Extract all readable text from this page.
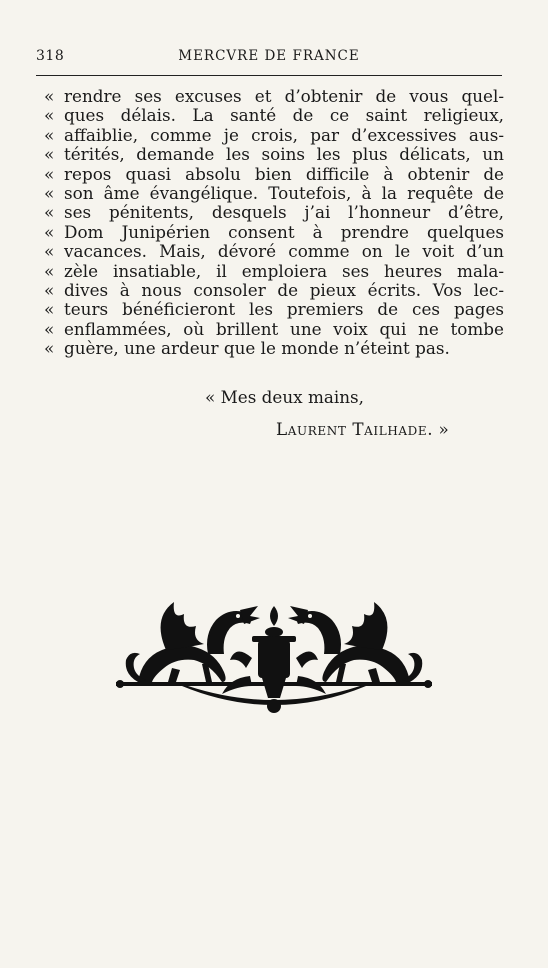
318	MERCVRE DE FRANCE
« rendre ses excuses et d’obtenir de vous quel-
« ques délais. La santé de ce saint religieux,
« affaiblie, comme je crois, par d’excessives aus-
« térités, demande les soins les plus délicats, un
« repos quasi absolu bien difficile à obtenir de
« son âme évangélique. Toutefois, à la requête de
« ses pénitents, desquels j’ai l’honneur d’être,
« Dom Junipérien consent à prendre quelques
« vacances. Mais, dévoré comme on le voit d’un
« zèle insatiable, il emploiera ses heures mala-
« dives à nous consoler de pieux écrits. Vos lec-
« teurs bénéficieront les premiers de ces pages
« enflammées, où brillent une voix qui ne tombe
« guère, une ardeur que le monde n’éteint pas.
« Mes deux mains,
Laurent Tailhade. »
